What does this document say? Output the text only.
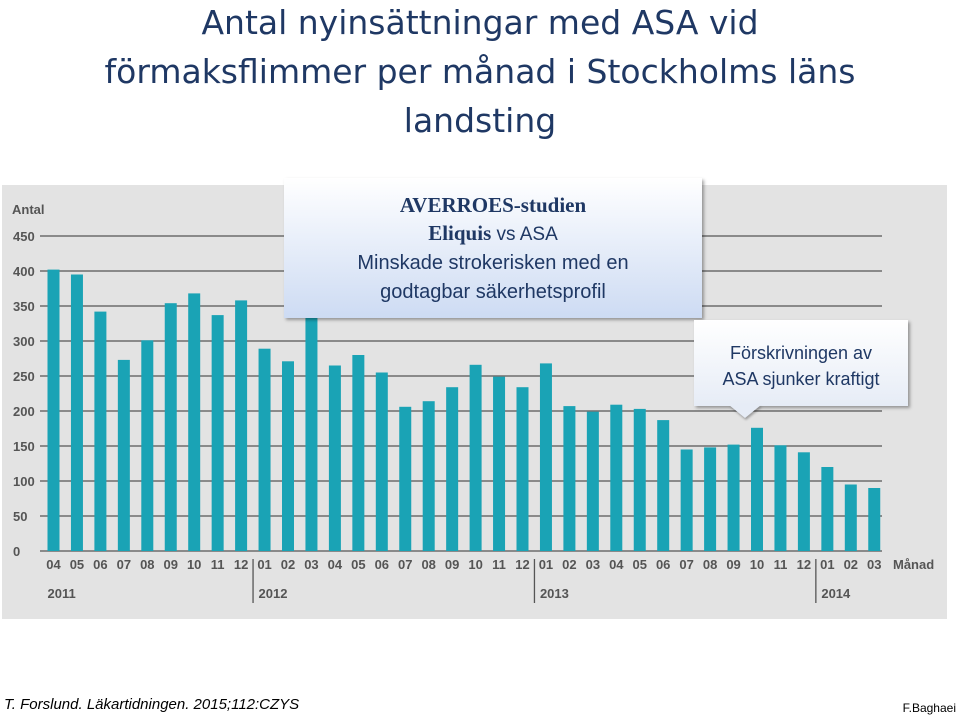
Antal nyinsättningar med ASA vid
förmaksflimmer per månad i Stockholms läns
landsting
0
50
100
150
200
250
300
350
400
450
04 05 06 07 08 09 10 11 12 01 02 03 04 05 06 07 08 09 10 11 12 01 02 03 04 05 06 07 08 09 10 11 12 01 02 03
2011	2012	2013	2014
Antal
Månad
AVERROES-studien
Eliquis vs ASA
Minskade strokerisken med en
godtagbar säkerhetsprofil
Förskrivningen av
ASA sjunker kraftigt
T. Forslund. Läkartidningen. 2015;112:CZYS	F.Baghaei
